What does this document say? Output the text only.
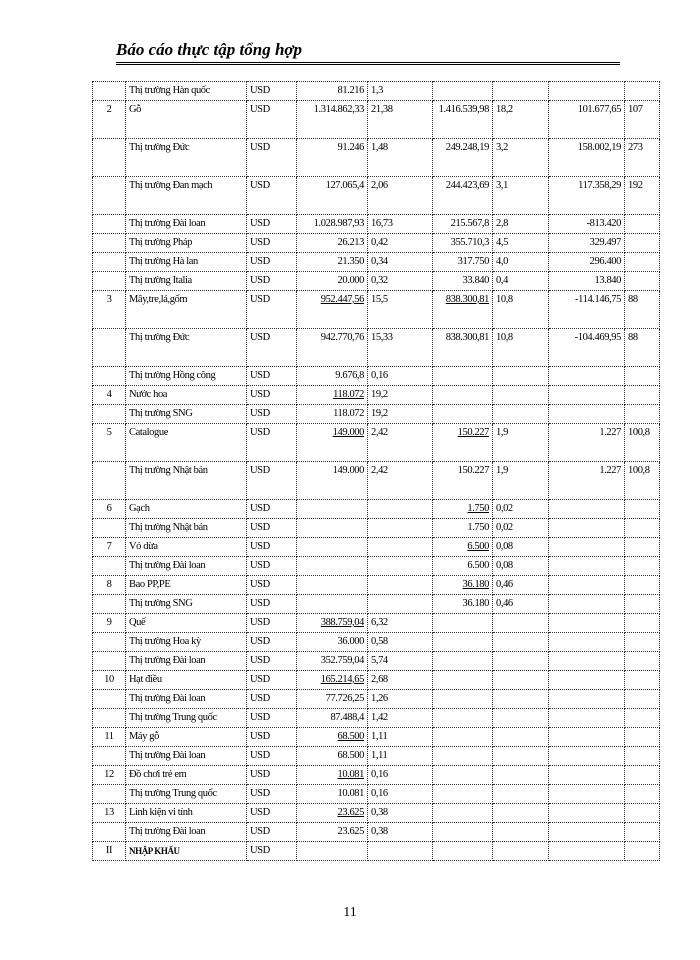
Báo cáo thực tập tổng hợp
	Thị trường Hàn quốc	USD	81.216	1,3				
2	Gỗ	USD	1.314.862,33	21,38	1.416.539,98	18,2	101.677,65	107
	Thị trường Đức	USD	91.246	1,48	249.248,19	3,2	158.002,19	273
	Thị trường Đan mạch	USD	127.065,4	2,06	244.423,69	3,1	117.358,29	192
	Thị trường Đài loan	USD	1.028.987,93	16,73	215.567,8	2,8	-813.420	
	Thị trường Pháp	USD	26.213	0,42	355.710,3	4,5	329.497	
	Thị trường Hà lan	USD	21.350	0,34	317.750	4,0	296.400	
	Thị trường Italia	USD	20.000	0,32	33.840	0,4	13.840	
3	Mây,tre,lá,gốm	USD	952.447,56	15,5	838.300,81	10,8	-114.146,75	88
	Thị trường Đức	USD	942.770,76	15,33	838.300,81	10,8	-104.469,95	88
	Thị trường Hồng công	USD	9.676,8	0,16				
4	Nước hoa	USD	118.072	19,2				
	Thị trường SNG	USD	118.072	19,2				
5	Catalogue	USD	149.000	2,42	150.227	1,9	1.227	100,8
	Thị trường Nhật bản	USD	149.000	2,42	150.227	1,9	1.227	100,8
6	Gạch	USD			1.750	0,02		
	Thị trường Nhật bản	USD			1.750	0,02		
7	Vỏ dừa	USD			6.500	0,08		
	Thị trường Đài loan	USD			6.500	0,08		
8	Bao PP,PE	USD			36.180	0,46		
	Thị trường SNG	USD			36.180	0,46		
9	Quế	USD	388.759,04	6,32				
	Thị trường Hoa kỳ	USD	36.000	0,58				
	Thị trường Đài loan	USD	352.759,04	5,74				
10	Hạt điều	USD	165.214,65	2,68				
	Thị trường Đài loan	USD	77.726,25	1,26				
	Thị trường Trung quốc	USD	87.488,4	1,42				
11	Máy gỗ	USD	68.500	1,11				
	Thị trường Đài loan	USD	68.500	1,11				
12	Đồ chơi trẻ em	USD	10.081	0,16				
	Thị trường Trung quốc	USD	10.081	0,16				
13	Linh kiện vi tính	USD	23.625	0,38				
	Thị trường Đài loan	USD	23.625	0,38				
II	NHẬP KHẨU	USD						
11
